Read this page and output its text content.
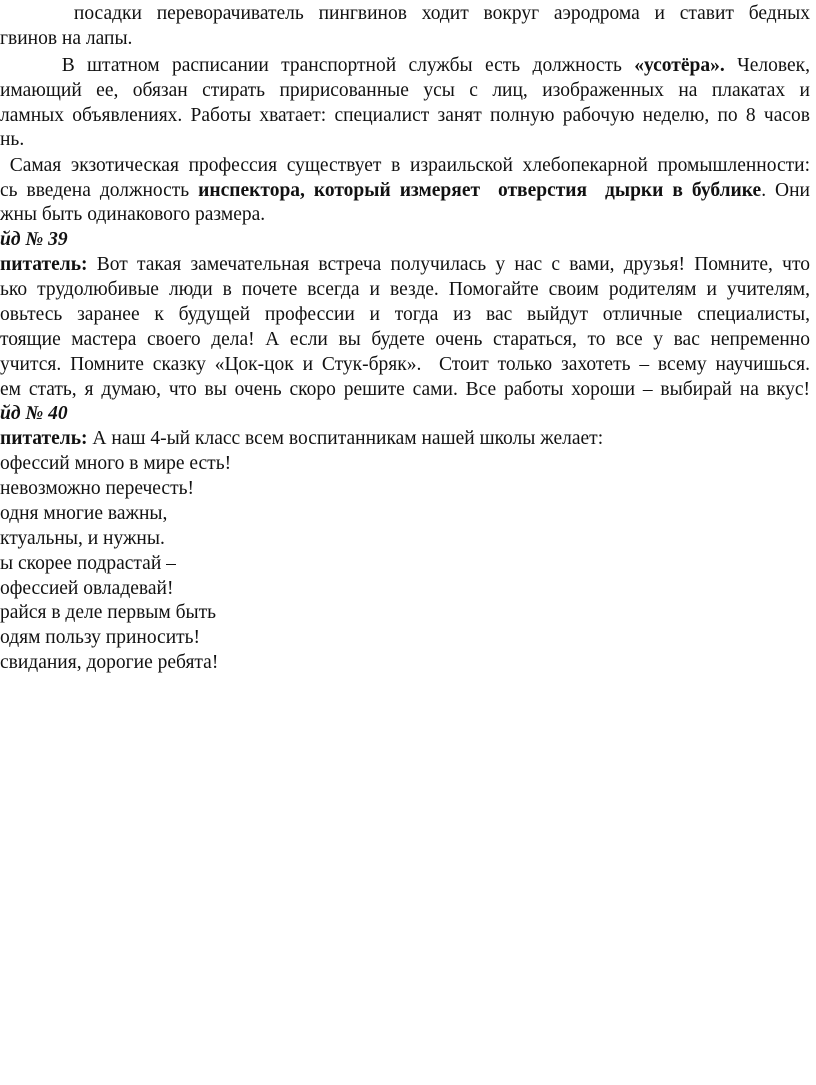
посадки переворачиватель пингвинов ходит вокруг аэродрома и ставит бедных
гвинов на лапы.
В штатном расписании транспортной службы есть должность «усотёра». Человек,
имающий ее, обязан стирать пририсованные усы с лиц, изображенных на плакатах и
ламных объявлениях. Работы хватает: специалист занят полную рабочую неделю, по 8 часов
нь.
Самая экзотическая профессия существует в израильской хлебопекарной промышленности:
сь введена должность инспектора, который измеряет  отверстия  дырки в бублике. Они
жны быть одинакового размера.
йд № 39
питатель: Вот такая замечательная встреча получилась у нас с вами, друзья! Помните, что
ько трудолюбивые люди в почете всегда и везде. Помогайте своим родителям и учителям,
овьтесь заранее к будущей профессии и тогда из вас выйдут отличные специалисты,
тоящие мастера своего дела! А если вы будете очень стараться, то все у вас непременно
учится. Помните сказку «Цок-цок и Стук-бряк».  Стоит только захотеть – всему научишься.
ем стать, я думаю, что вы очень скоро решите сами. Все работы хороши – выбирай на вкус!
йд № 40
питатель: А наш 4-ый класс всем воспитанникам нашей школы желает:
офессий много в мире есть!
невозможно перечесть!
одня многие важны,
ктуальны, и нужны.
ы скорее подрастай –
офессией овладевай!
райся в деле первым быть
одям пользу приносить!
свидания, дорогие ребята!
